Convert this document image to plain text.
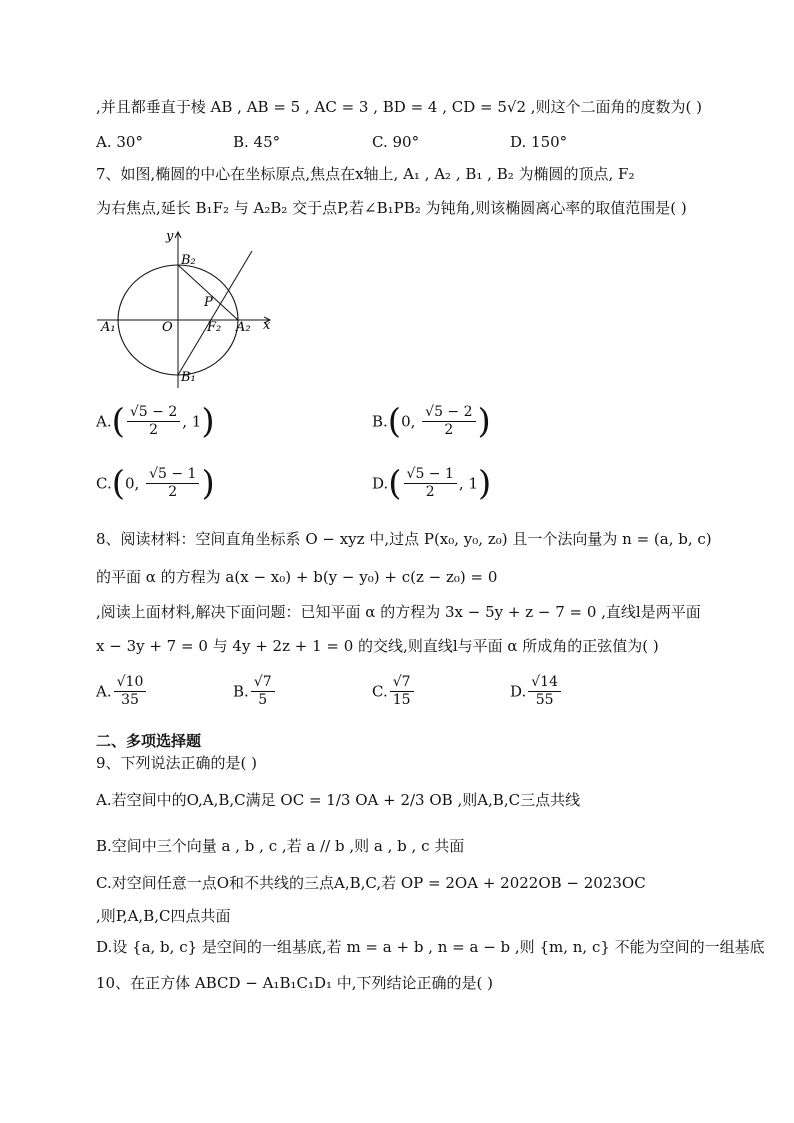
,并且都垂直于棱 AB , AB = 5 , AC = 3 , BD = 4 , CD = 5√2 ,则这个二面角的度数为( )
A. 30°	B. 45°	C. 90°	D. 150°
7、如图,椭圆的中心在坐标原点,焦点在x轴上, A₁ , A₂ , B₁ , B₂ 为椭圆的顶点, F₂
为右焦点,延长 B₁F₂ 与 A₂B₂ 交于点P,若∠B₁PB₂ 为钝角,则该椭圆离心率的取值范围是( )
y
x
B₂
B₁
A₁	A₂
O	F₂
P
$A.( \frac{√5 - 2}{2}$ , 1)	B.(0, $\frac{√5 - 2}{2}$ )
C.(0, $\frac{√5 - 1}{2}$ )	$D.( \frac{√5 - 1}{2}$ , 1)
8、阅读材料：空间直角坐标系 O − xyz 中,过点 P(x₀, y₀, z₀) 且一个法向量为 n = (a, b, c)
的平面 α 的方程为 a(x − x₀) + b(y − y₀) + c(z − z₀) = 0
,阅读上面材料,解决下面问题：已知平面 α 的方程为 3x − 5y + z − 7 = 0 ,直线l是两平面
x − 3y + 7 = 0 与 4y + 2z + 1 = 0 的交线,则直线l与平面 α 所成角的正弦值为( )
A. $\frac{√10}{35}$	B. $\frac{√7}{5}$	C. $\frac{√7}{15}$	D. $\frac{√14}{55}$
二、多项选择题
9、下列说法正确的是( )
A.若空间中的O,A,B,C满足 OC = 1/3 OA + 2/3 OB ,则A,B,C三点共线
B.空间中三个向量 a , b , c ,若 a // b ,则 a , b , c 共面
C.对空间任意一点O和不共线的三点A,B,C,若 OP = 2OA + 2022OB − 2023OC
,则P,A,B,C四点共面
D.设 {a, b, c} 是空间的一组基底,若 m = a + b , n = a − b ,则 {m, n, c} 不能为空间的一组基底
10、在正方体 ABCD − A₁B₁C₁D₁ 中,下列结论正确的是( )
